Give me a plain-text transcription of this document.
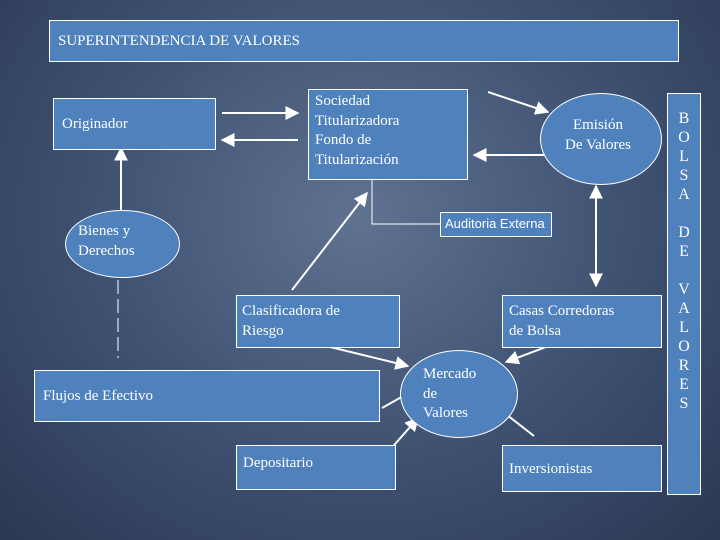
SUPERINTENDENCIA DE VALORES
Originador
Sociedad
Titularizadora
Fondo de
Titularización
Emisión
De Valores
Auditoria Externa
Bienes y
Derechos
Clasificadora de
Riesgo
Casas Corredoras
de Bolsa
Mercado
de
Valores
Flujos de Efectivo
Depositario	Inversionistas
B
O
L
S
A

D
E

V
A
L
O
R
E
S
